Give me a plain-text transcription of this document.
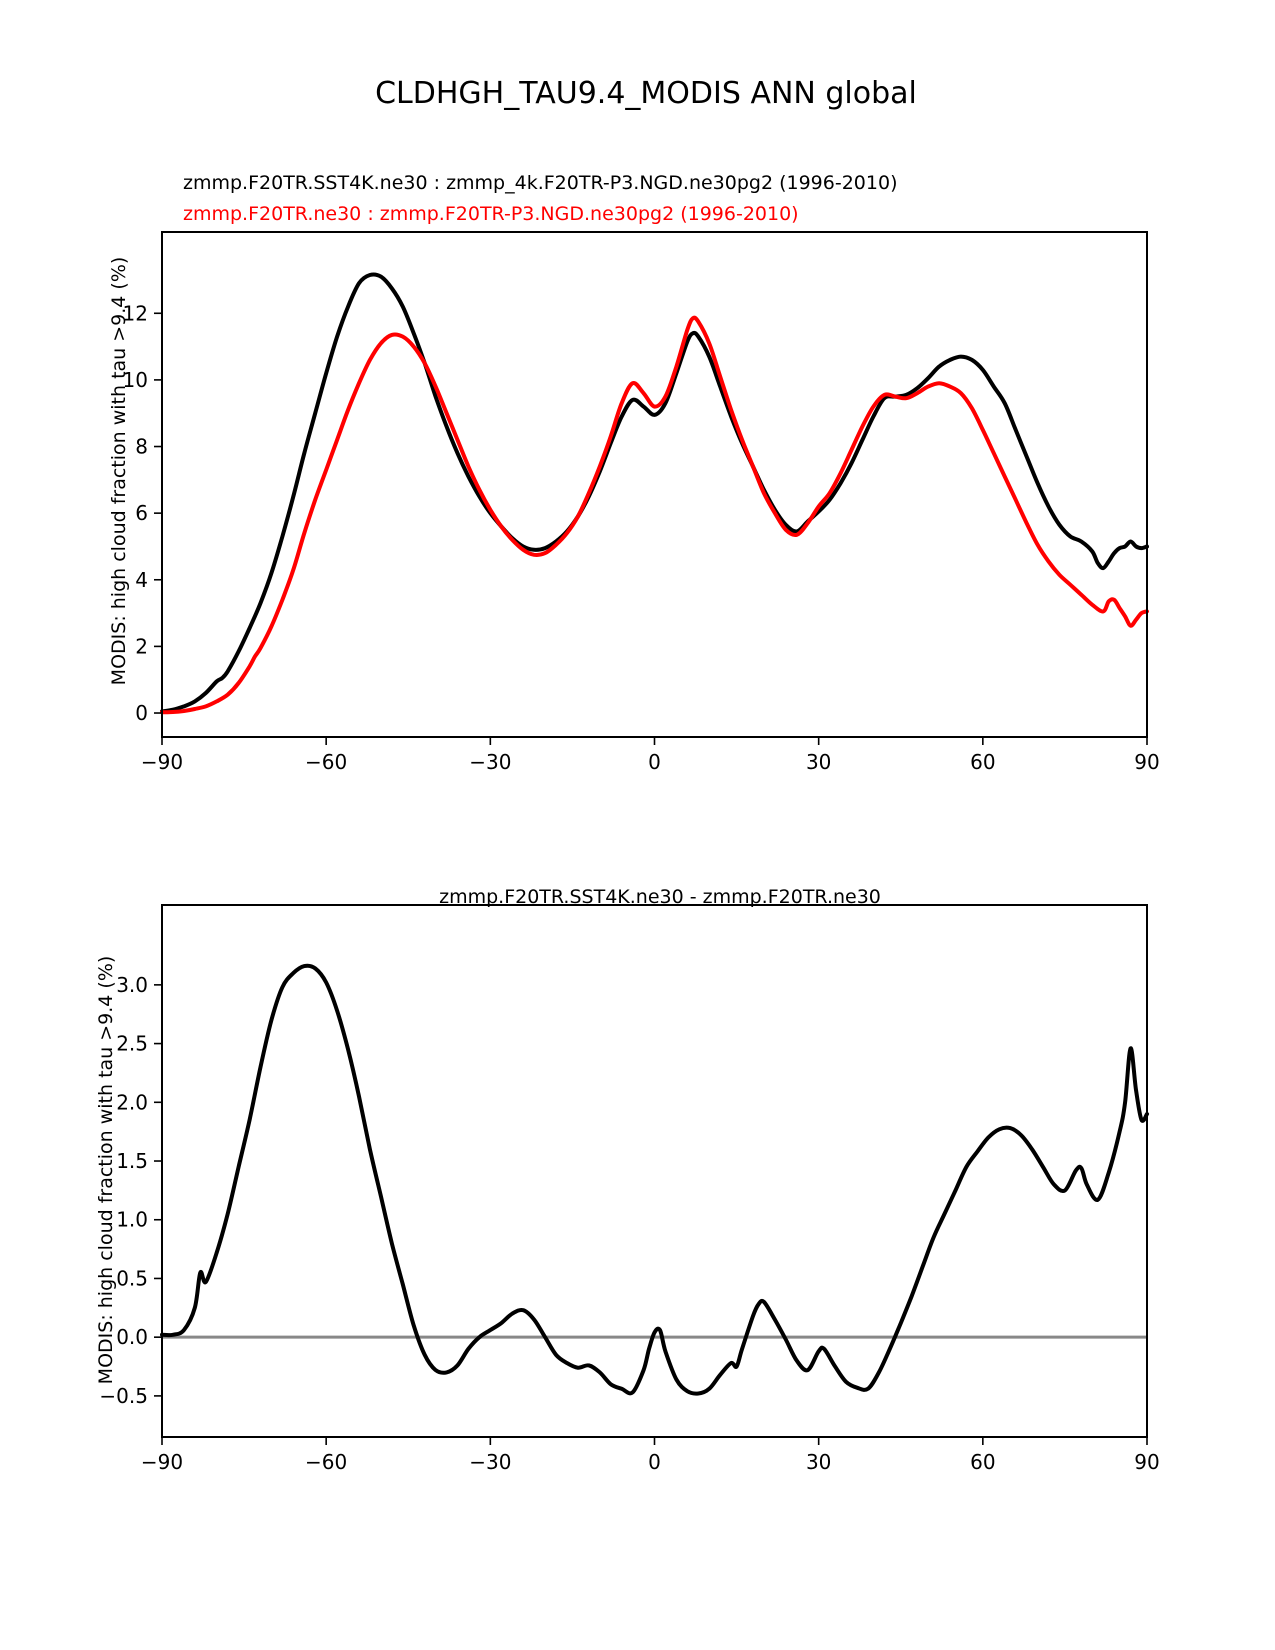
−90	−60	−30	0	30	60	90
0
2
4
6
8
10
12
−90	−60	−30	0	30	60	90
−0.5
0.0
0.5
1.0
1.5
2.0
2.5
3.0
CLDHGH_TAU9.4_MODIS ANN global
zmmp.F20TR.SST4K.ne30 : zmmp_4k.F20TR-P3.NGD.ne30pg2 (1996-2010)
zmmp.F20TR.ne30 : zmmp.F20TR-P3.NGD.ne30pg2 (1996-2010)
MODIS: high cloud fraction with tau >9.4 (%)
zmmp.F20TR.SST4K.ne30 - zmmp.F20TR.ne30
MODIS: high cloud fraction with tau >9.4 (%)
